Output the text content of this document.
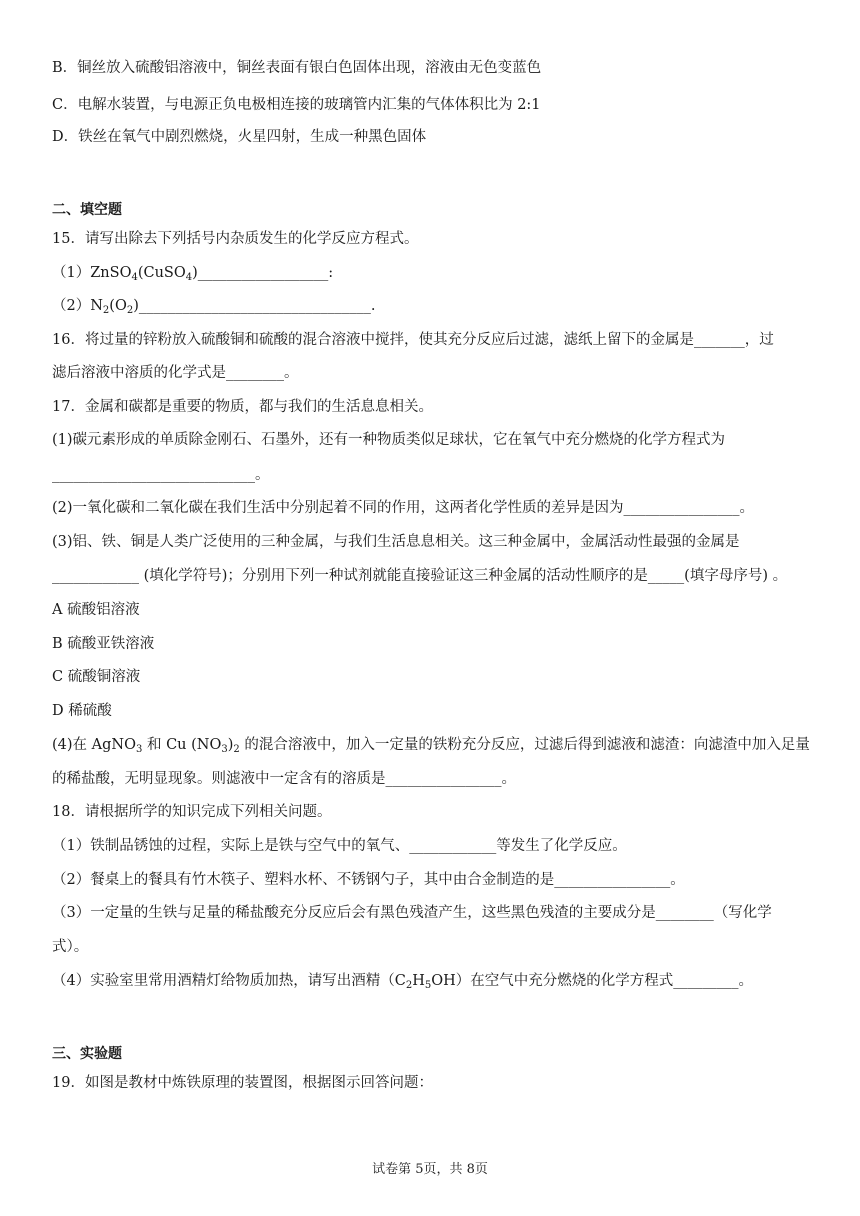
B．铜丝放入硫酸铝溶液中，铜丝表面有银白色固体出现，溶液由无色变蓝色
C．电解水装置，与电源正负电极相连接的玻璃管内汇集的气体体积比为 2:1
D．铁丝在氧气中剧烈燃烧，火星四射，生成一种黑色固体
二、填空题
15．请写出除去下列括号内杂质发生的化学反应方程式。
（1）ZnSO$_4$(CuSO$_4$)__________________:
$(2)N_2(O_2)\_\_\_\_\_\_\_\_\_\_\_\_\_\_\_\_\_\_\_\_\_\_\_\_\_\_\_\_\_\_\_\_$.
16．将过量的锌粉放入硫酸铜和硫酸的混合溶液中搅拌，使其充分反应后过滤，滤纸上留下的金属是_______，过
滤后溶液中溶质的化学式是________。
17．金属和碳都是重要的物质，都与我们的生活息息相关。
(1)碳元素形成的单质除金刚石、石墨外，还有一种物质类似足球状，它在氧气中充分燃烧的化学方程式为
____________________________。
(2)一氧化碳和二氧化碳在我们生活中分别起着不同的作用，这两者化学性质的差异是因为________________。
(3)铝、铁、铜是人类广泛使用的三种金属，与我们生活息息相关。这三种金属中，金属活动性最强的金属是
____________ (填化学符号)；分别用下列一种试剂就能直接验证这三种金属的活动性顺序的是_____(填字母序号) 。
A 硫酸铝溶液
B 硫酸亚铁溶液
C 硫酸铜溶液
D 稀硫酸
(4)在 AgNO$_3$ 和 Cu $(NO_3)_2$ 的混合溶液中，加入一定量的铁粉充分反应，过滤后得到滤液和滤渣：向滤渣中加入足量
的稀盐酸，无明显现象。则滤液中一定含有的溶质是________________。
18．请根据所学的知识完成下列相关问题。
（1）铁制品锈蚀的过程，实际上是铁与空气中的氧气、____________等发生了化学反应。
（2）餐桌上的餐具有竹木筷子、塑料水杯、不锈钢勺子，其中由合金制造的是________________。
（3）一定量的生铁与足量的稀盐酸充分反应后会有黑色残渣产生，这些黑色残渣的主要成分是________（写化学
式）。
（4）实验室里常用酒精灯给物质加热，请写出酒精$(C_2H_5OH)$在空气中充分燃烧的化学方程式_________。
三、实验题
19．如图是教材中炼铁原理的装置图，根据图示回答问题：
试卷第 5页，共 8页
